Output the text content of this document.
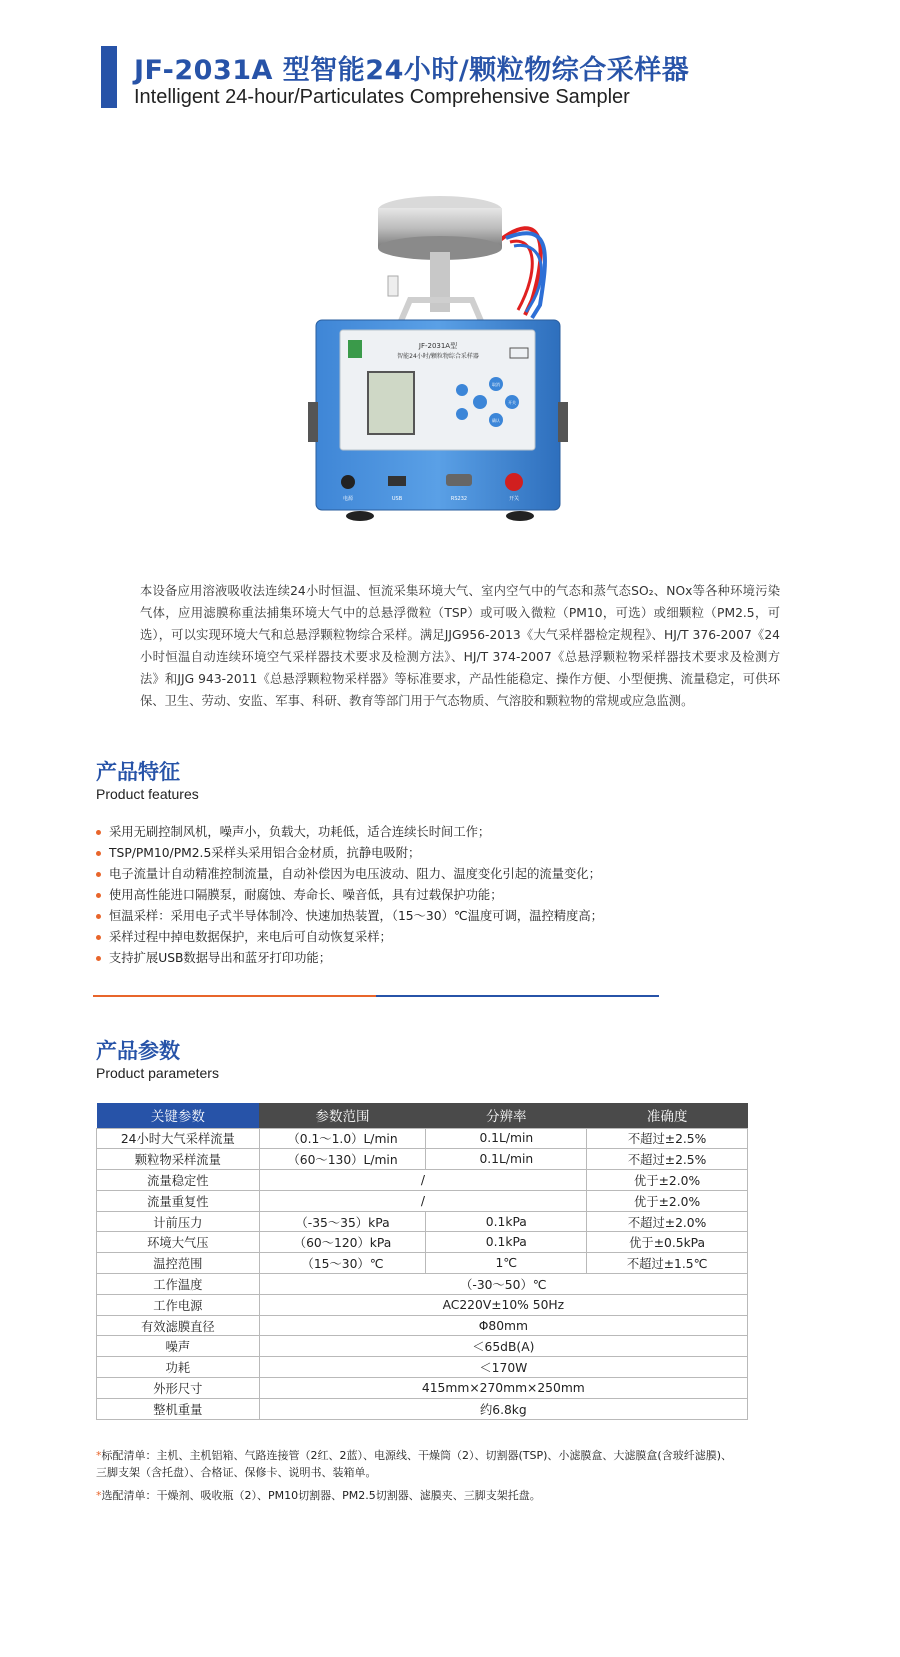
JF-2031A 型智能24小时/颗粒物综合采样器
Intelligent 24-hour/Particulates Comprehensive Sampler
JF-2031A型
智能24小时/颗粒物综合采样器
电源	USB	RS232	开关
取消
开关
确认

本设备应用溶液吸收法连续24小时恒温、恒流采集环境大气、室内空气中的气态和蒸气态SO₂、NOx等各种环境污染气体，应用滤膜称重法捕集环境大气中的总悬浮微粒（TSP）或可吸入微粒（PM10，可选）或细颗粒（PM2.5，可选），可以实现环境大气和总悬浮颗粒物综合采样。满足JJG956-2013《大气采样器检定规程》、HJ/T 376-2007《24小时恒温自动连续环境空气采样器技术要求及检测方法》、HJ/T 374-2007《总悬浮颗粒物采样器技术要求及检测方法》和JJG 943-2011《总悬浮颗粒物采样器》等标准要求，产品性能稳定、操作方便、小型便携、流量稳定，可供环保、卫生、劳动、安监、军事、科研、教育等部门用于气态物质、气溶胶和颗粒物的常规或应急监测。

产品特征
Product features
采用无刷控制风机，噪声小，负载大，功耗低，适合连续长时间工作；
TSP/PM10/PM2.5采样头采用铝合金材质，抗静电吸附；
电子流量计自动精准控制流量，自动补偿因为电压波动、阻力、温度变化引起的流量变化；
使用高性能进口隔膜泵，耐腐蚀、寿命长、噪音低，具有过载保护功能；
恒温采样：采用电子式半导体制冷、快速加热装置，（15～30）℃温度可调，温控精度高；
采样过程中掉电数据保护，来电后可自动恢复采样；
支持扩展USB数据导出和蓝牙打印功能；
产品参数
Product parameters
关键参数	参数范围	分辨率	准确度
24小时大气采样流量	（0.1～1.0）L/min	0.1L/min	不超过±2.5%
颗粒物采样流量	（60～130）L/min	0.1L/min	不超过±2.5%
流量稳定性	/		优于±2.0%
流量重复性	/		优于±2.0%
计前压力	（-35～35）kPa	0.1kPa	不超过±2.0%
环境大气压	（60～120）kPa	0.1kPa	优于±0.5kPa
温控范围	（15～30）℃	1℃	不超过±1.5℃
工作温度	（-30～50）℃		
工作电源	AC220V±10% 50Hz		
有效滤膜直径	Φ80mm		
噪声	＜65dB(A)		
功耗	＜170W		
外形尺寸	415mm×270mm×250mm		
整机重量	约6.8kg		

*标配清单：主机、主机铝箱、气路连接管（2红、2蓝）、电源线、干燥筒（2）、切割器(TSP)、小滤膜盒、大滤膜盒(含玻纤滤膜)、三脚支架（含托盘）、合格证、保修卡、说明书、装箱单。

*选配清单：干燥剂、吸收瓶（2）、PM10切割器、PM2.5切割器、滤膜夹、三脚支架托盘。
